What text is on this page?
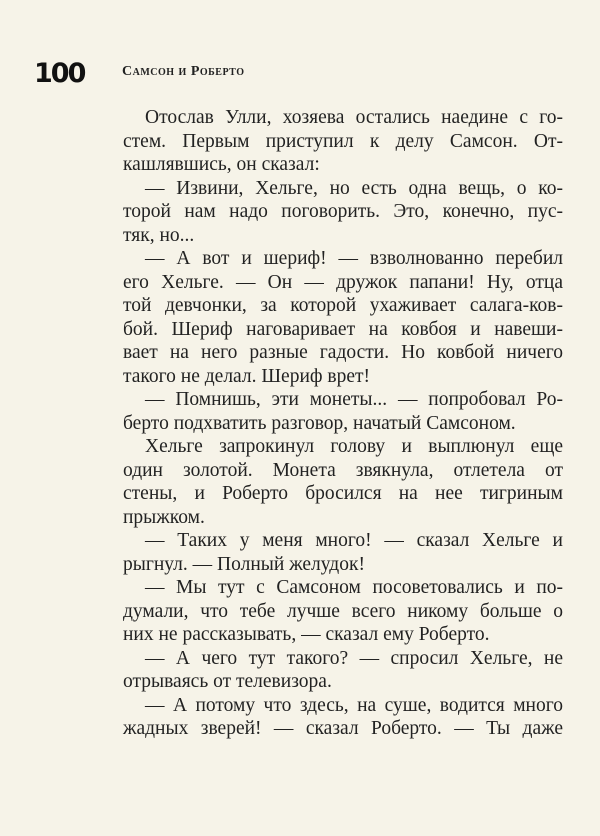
100	Самсон и Роберто
Отослав Улли, хозяева остались наедине с го-
стем. Первым приступил к делу Самсон. От-
кашлявшись, он сказал:
— Извини, Хельге, но есть одна вещь, о ко-
торой нам надо поговорить. Это, конечно, пус-
тяк, но...
— А вот и шериф! — взволнованно перебил
его Хельге. — Он — дружок папани! Ну, отца
той девчонки, за которой ухаживает салага-ков-
бой. Шериф наговаривает на ковбоя и навеши-
вает на него разные гадости. Но ковбой ничего
такого не делал. Шериф врет!
— Помнишь, эти монеты... — попробовал Ро-
берто подхватить разговор, начатый Самсоном.
Хельге запрокинул голову и выплюнул еще
один золотой. Монета звякнула, отлетела от
стены, и Роберто бросился на нее тигриным
прыжком.
— Таких у меня много! — сказал Хельге и
рыгнул. — Полный желудок!
— Мы тут с Самсоном посоветовались и по-
думали, что тебе лучше всего никому больше о
них не рассказывать, — сказал ему Роберто.
— А чего тут такого? — спросил Хельге, не
отрываясь от телевизора.
— А потому что здесь, на суше, водится много
жадных зверей! — сказал Роберто. — Ты даже
